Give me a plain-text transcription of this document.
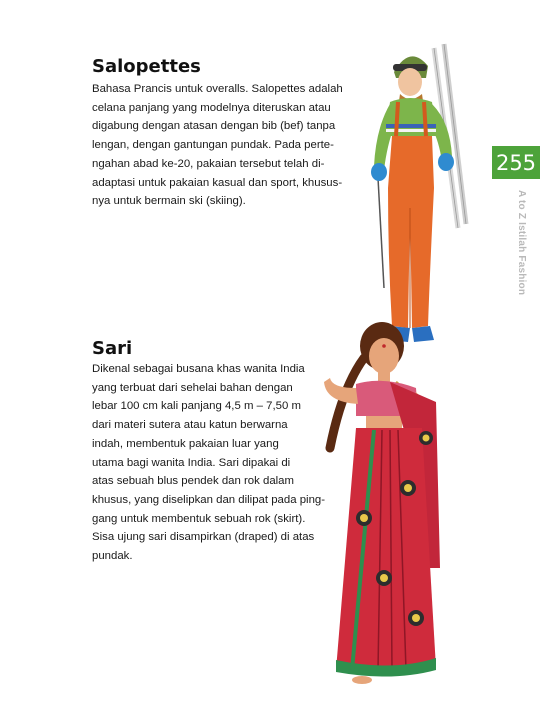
Salopettes

Bahasa Prancis untuk overalls. Salopettes adalah
celana panjang yang modelnya diteruskan atau
digabung dengan atasan dengan bib (bef) tanpa
lengan, dengan gantungan pundak. Pada perte-
ngahan abad ke-20, pakaian tersebut telah di-
adaptasi untuk pakaian kasual dan sport, khusus-
nya untuk bermain ski (skiing).

Sari

Dikenal sebagai busana khas wanita India
yang terbuat dari sehelai bahan dengan
lebar 100 cm kali panjang 4,5 m – 7,50 m
dari materi sutera atau katun berwarna
indah, membentuk pakaian luar yang
utama bagi wanita India. Sari dipakai di
atas sebuah blus pendek dan rok dalam
khusus, yang diselipkan dan dilipat pada ping-
gang untuk membentuk sebuah rok (skirt).
Sisa ujung sari disampirkan (draped) di atas
pundak.

255
A to Z Istilah Fashion
